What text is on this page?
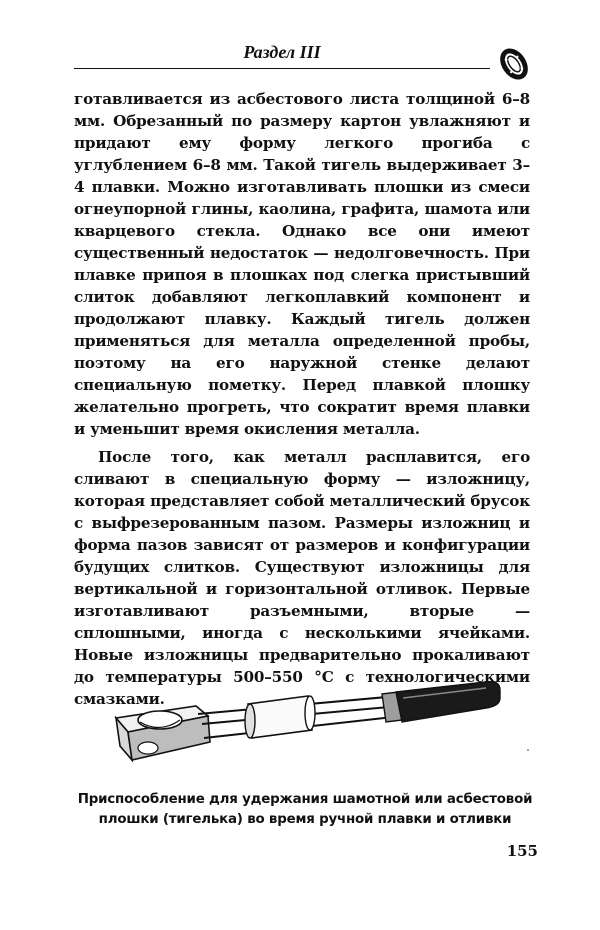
Раздел III

готавливается из асбестового листа толщиной 6–8 мм. Обрезанный по размеру картон увлажняют и придают ему форму легкого прогиба с углублением 6–8 мм. Такой тигель выдерживает 3–4 плавки. Можно изготавливать плошки из смеси огнеупорной глины, каолина, графита, шамота или кварцевого стекла. Однако все они имеют существенный недостаток — недолговечность. При плавке припоя в плошках под слегка пристывший слиток добавляют легкоплавкий компонент и продолжают плавку. Каждый тигель должен применяться для металла определенной пробы, поэтому на его наружной стенке делают специальную пометку. Перед плавкой плошку желательно прогреть, что сократит время плавки и уменьшит время окисления металла.

После того, как металл расплавится, его сливают в специальную форму — изложницу, которая представляет собой металлический брусок с выфрезерованным пазом. Размеры изложниц и форма пазов зависят от размеров и конфигурации будущих слитков. Существуют изложницы для вертикальной и горизонтальной отливок. Первые изготавливают разъемными, вторые — сплошными, иногда с несколькими ячейками. Новые изложницы предварительно прокаливают до температуры 500–550 °С с технологическими смазками.

Приспособление для удержания шамотной или асбестовой плошки (тигелька) во время ручной плавки и отливки
155
